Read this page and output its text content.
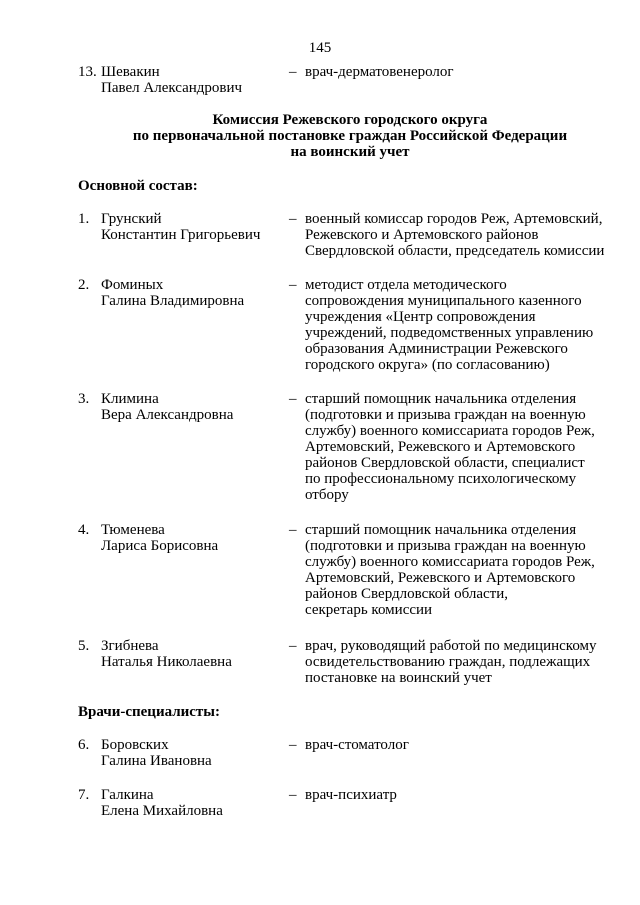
145
13. Шевакин
Павел Александрович
– врач-дерматовенеролог
Комиссия Режевского городского округа
по первоначальной постановке граждан Российской Федерации
на воинский учет
Основной состав:
1. Грунский
Константин Григорьевич
– военный комиссар городов Реж, Артемовский,
Режевского и Артемовского районов
Свердловской области, председатель комиссии
2. Фоминых
Галина Владимировна
– методист отдела методического
сопровождения муниципального казенного
учреждения «Центр сопровождения
учреждений, подведомственных управлению
образования Администрации Режевского
городского округа» (по согласованию)
3. Климина
Вера Александровна
– старший помощник начальника отделения
(подготовки и призыва граждан на военную
службу) военного комиссариата городов Реж,
Артемовский, Режевского и Артемовского
районов Свердловской области, специалист
по профессиональному психологическому
отбору
4. Тюменева
Лариса Борисовна
– старший помощник начальника отделения
(подготовки и призыва граждан на военную
службу) военного комиссариата городов Реж,
Артемовский, Режевского и Артемовского
районов Свердловской области,
секретарь комиссии
5. Згибнева
Наталья Николаевна
– врач, руководящий работой по медицинскому
освидетельствованию граждан, подлежащих
постановке на воинский учет
Врачи-специалисты:
6. Боровских
Галина Ивановна
– врач-стоматолог
7. Галкина
Елена Михайловна
– врач-психиатр
